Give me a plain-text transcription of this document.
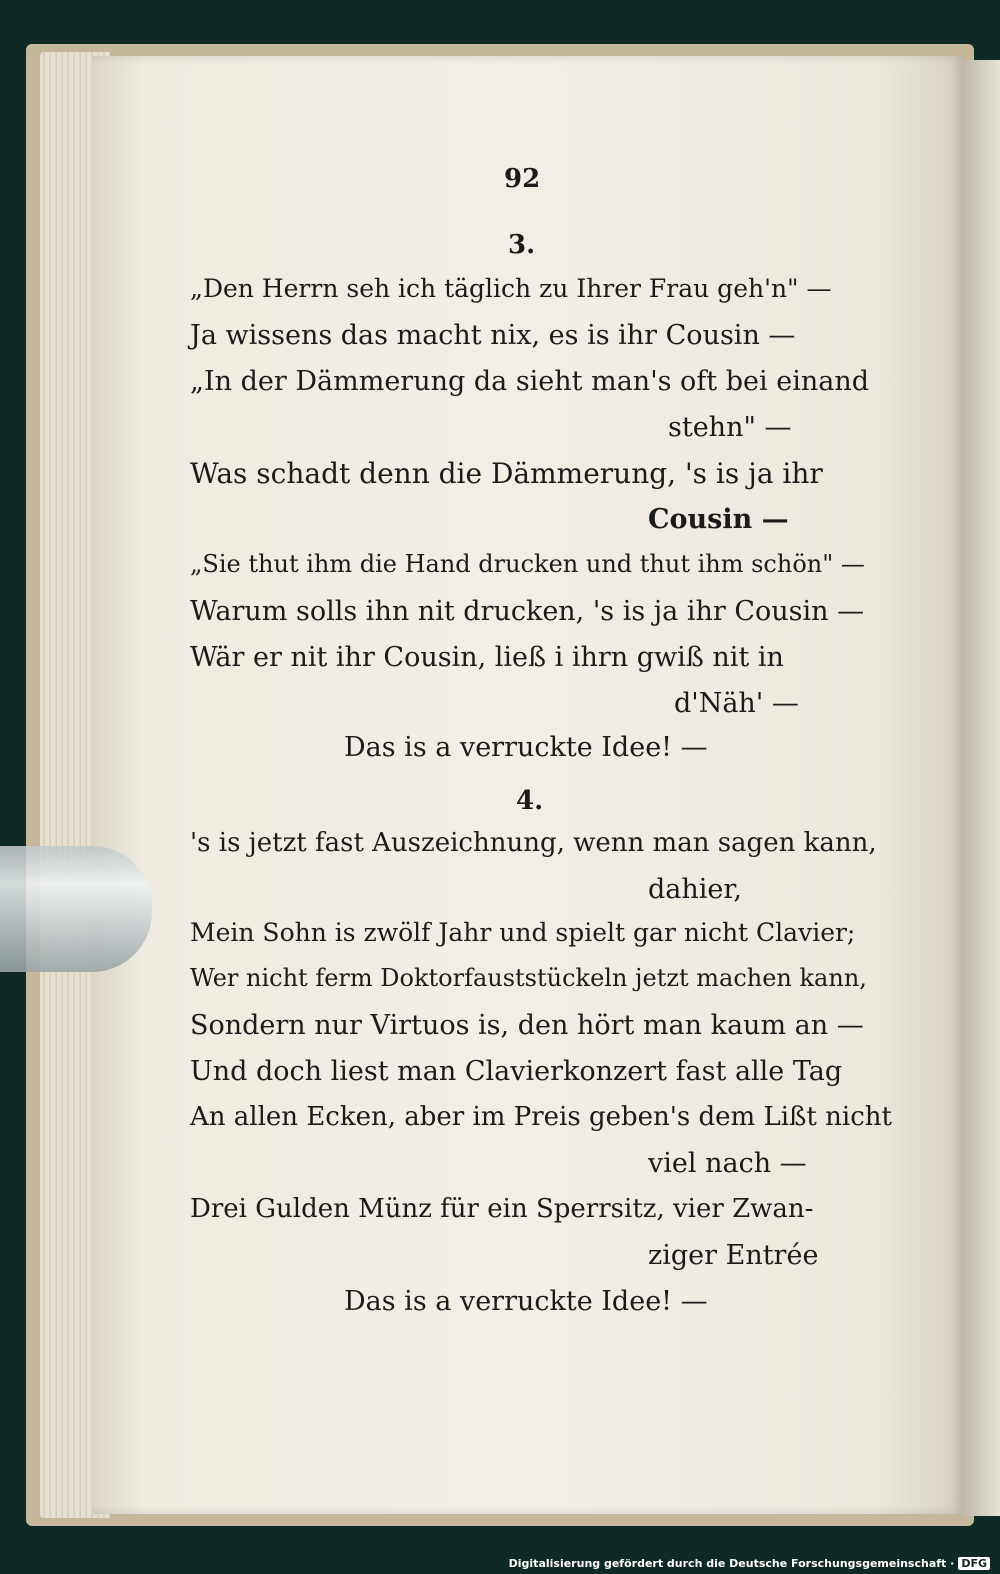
92
3.
„Den Herrn seh ich täglich zu Ihrer Frau geh'n" —
Ja wissens das macht nix, es is ihr Cousin —
„In der Dämmerung da sieht man's oft bei einand
stehn" —
Was schadt denn die Dämmerung, 's is ja ihr
Cousin —
„Sie thut ihm die Hand drucken und thut ihm schön" —
Warum solls ihn nit drucken, 's is ja ihr Cousin —
Wär er nit ihr Cousin, ließ i ihrn gwiß nit in
d'Näh' —
Das is a verruckte Idee! —
4.
's is jetzt fast Auszeichnung, wenn man sagen kann,
dahier,
Mein Sohn is zwölf Jahr und spielt gar nicht Clavier;
Wer nicht ferm Doktorfauststückeln jetzt machen kann,
Sondern nur Virtuos is, den hört man kaum an —
Und doch liest man Clavierkonzert fast alle Tag
An allen Ecken, aber im Preis geben's dem Lißt nicht
viel nach —
Drei Gulden Münz für ein Sperrsitz, vier Zwan-
ziger Entrée
Das is a verruckte Idee! —
Digitalisierung gefördert durch die Deutsche Forschungsgemeinschaft · DFG
